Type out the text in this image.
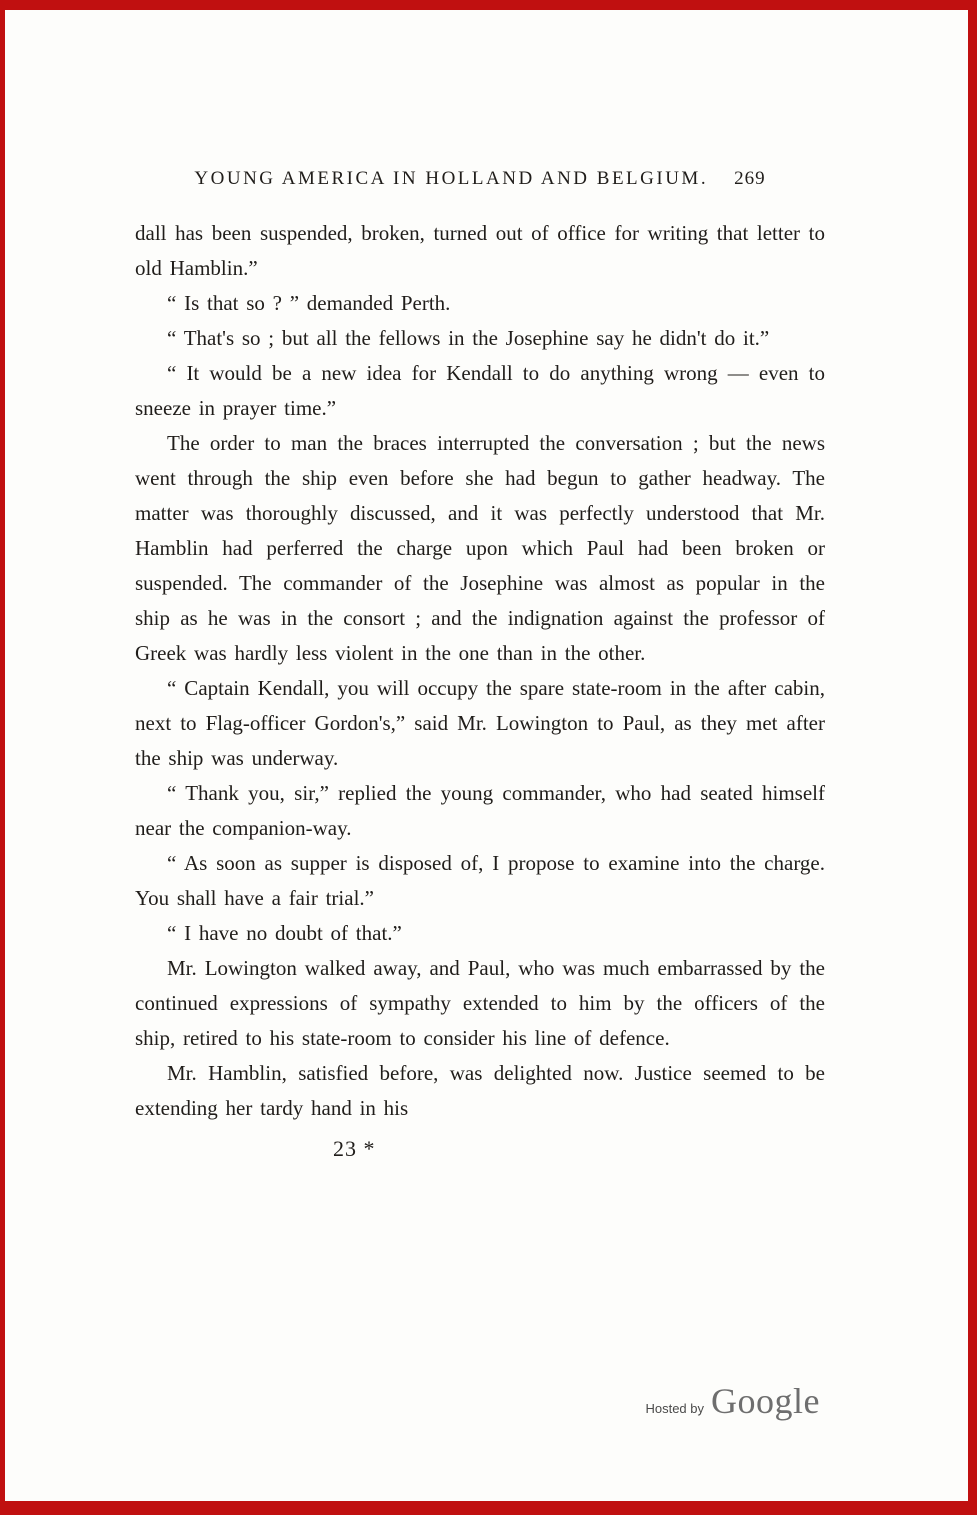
YOUNG AMERICA IN HOLLAND AND BELGIUM. 269

dall has been suspended, broken, turned out of office for writing that letter to old Hamblin.”

“ Is that so ? ” demanded Perth.

“ That's so ; but all the fellows in the Josephine say he didn't do it.”

“ It would be a new idea for Kendall to do anything wrong — even to sneeze in prayer time.”

The order to man the braces interrupted the conversation ; but the news went through the ship even before she had begun to gather headway. The matter was thoroughly discussed, and it was perfectly understood that Mr. Hamblin had perferred the charge upon which Paul had been broken or suspended. The commander of the Josephine was almost as popular in the ship as he was in the consort ; and the indignation against the professor of Greek was hardly less violent in the one than in the other.

“ Captain Kendall, you will occupy the spare state-room in the after cabin, next to Flag-officer Gordon's,” said Mr. Lowington to Paul, as they met after the ship was underway.

“ Thank you, sir,” replied the young commander, who had seated himself near the companion-way.

“ As soon as supper is disposed of, I propose to examine into the charge. You shall have a fair trial.”

“ I have no doubt of that.”

Mr. Lowington walked away, and Paul, who was much embarrassed by the continued expressions of sympathy extended to him by the officers of the ship, retired to his state-room to consider his line of defence.

Mr. Hamblin, satisfied before, was delighted now. Justice seemed to be extending her tardy hand in his

23 *
Hosted by Google
